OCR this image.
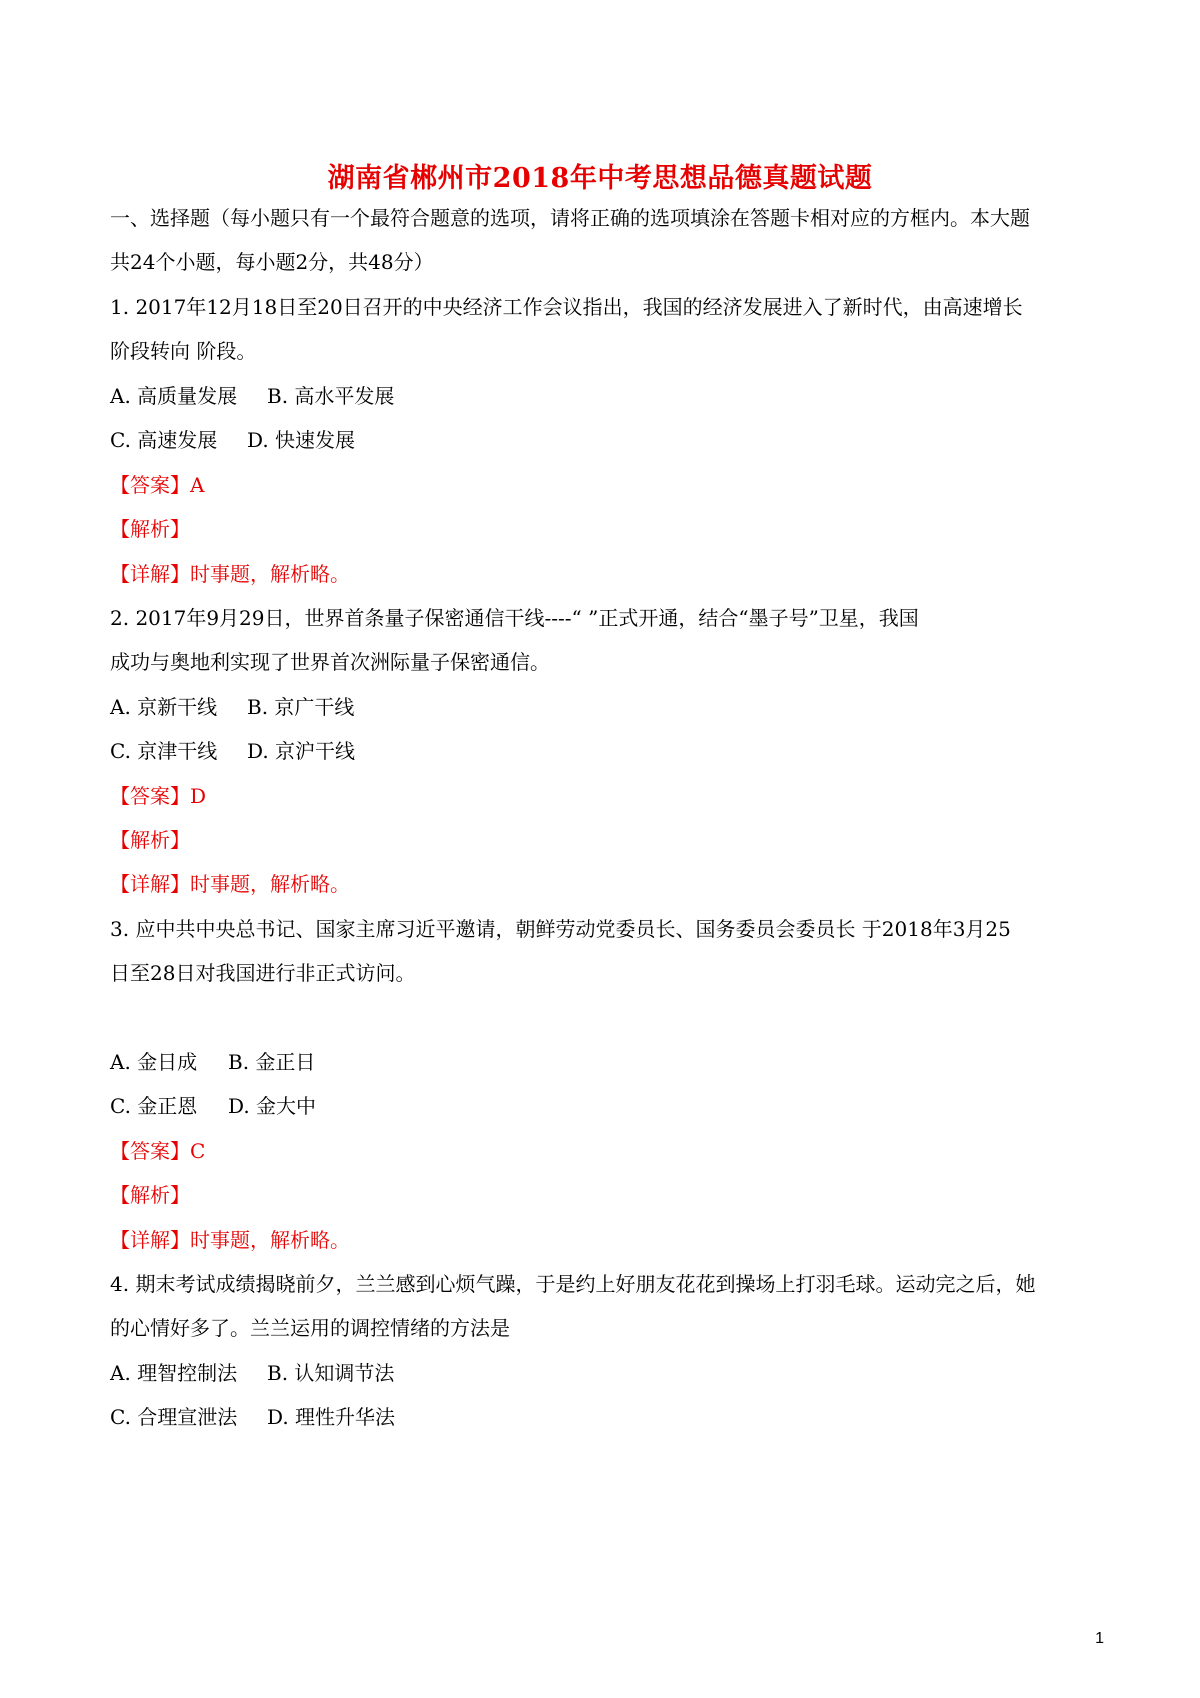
湖南省郴州市2018年中考思想品德真题试题
一、选择题（每小题只有一个最符合题意的选项，请将正确的选项填涂在答题卡相对应的方框内。本大题
共24个小题，每小题2分，共48分）
1. 2017年12月18日至20日召开的中央经济工作会议指出，我国的经济发展进入了新时代，由高速增长
阶段转向 阶段。
A. 高质量发展 B. 高水平发展
C. 高速发展 D. 快速发展
【答案】A
【解析】
【详解】时事题，解析略。
2. 2017年9月29日，世界首条量子保密通信干线----“ ”正式开通，结合“墨子号”卫星，我国
成功与奥地利实现了世界首次洲际量子保密通信。
A. 京新干线 B. 京广干线
C. 京津干线 D. 京沪干线
【答案】D
【解析】
【详解】时事题，解析略。
3. 应中共中央总书记、国家主席习近平邀请，朝鲜劳动党委员长、国务委员会委员长 于2018年3月25
日至28日对我国进行非正式访问。
A. 金日成 B. 金正日
C. 金正恩 D. 金大中
【答案】C
【解析】
【详解】时事题，解析略。
4. 期末考试成绩揭晓前夕，兰兰感到心烦气躁，于是约上好朋友花花到操场上打羽毛球。运动完之后，她
的心情好多了。兰兰运用的调控情绪的方法是
A. 理智控制法 B. 认知调节法
C. 合理宣泄法 D. 理性升华法
1
